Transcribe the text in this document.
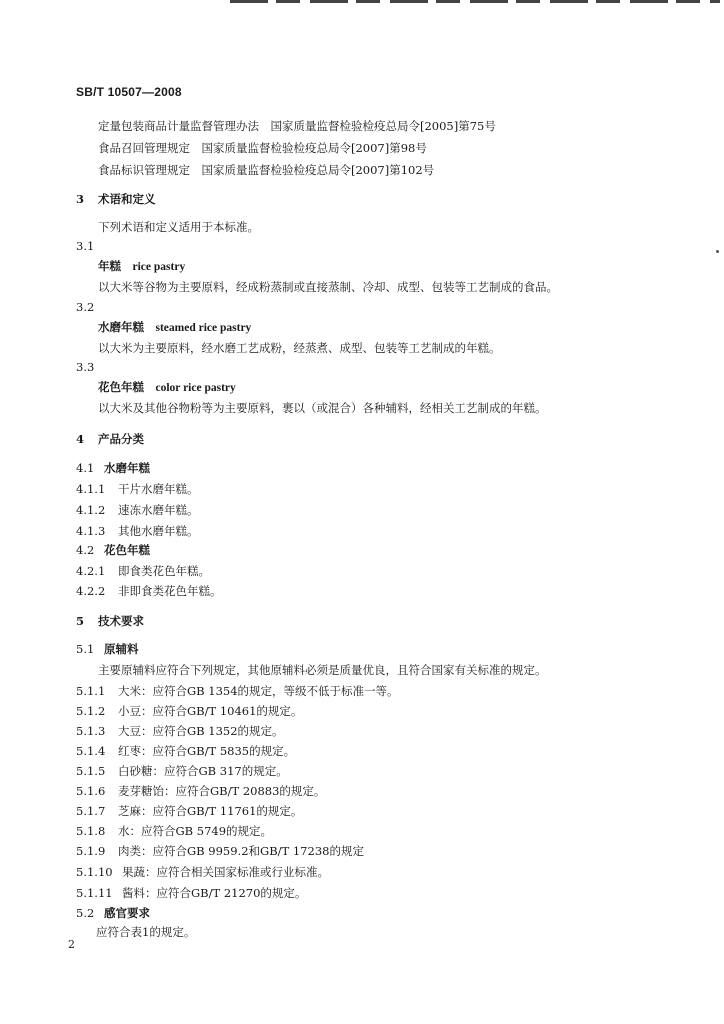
SB/T 10507—2008
定量包装商品计量监督管理办法　国家质量监督检验检疫总局令[2005]第75号
食品召回管理规定　国家质量监督检验检疫总局令[2007]第98号
食品标识管理规定　国家质量监督检验检疫总局令[2007]第102号
3 术语和定义
下列术语和定义适用于本标准。
3.1
年糕　 rice pastry
以大米等谷物为主要原料，经成粉蒸制或直接蒸制、冷却、成型、包装等工艺制成的食品。
3.2
水磨年糕　 steamed rice pastry
以大米为主要原料，经水磨工艺成粉，经蒸煮、成型、包装等工艺制成的年糕。
3.3
花色年糕　 color rice pastry
以大米及其他谷物粉等为主要原料，裹以（或混合）各种辅料，经相关工艺制成的年糕。
4 产品分类
4.1 水磨年糕
4.1.1 干片水磨年糕。
4.1.2 速冻水磨年糕。
4.1.3 其他水磨年糕。
4.2 花色年糕
4.2.1 即食类花色年糕。
4.2.2 非即食类花色年糕。
5 技术要求
5.1 原辅料
主要原辅料应符合下列规定，其他原辅料必须是质量优良，且符合国家有关标准的规定。
5.1.1 大米：应符合GB 1354的规定，等级不低于标准一等。
5.1.2 小豆：应符合GB/T 10461的规定。
5.1.3 大豆：应符合GB 1352的规定。
5.1.4 红枣：应符合GB/T 5835的规定。
5.1.5 白砂糖：应符合GB 317的规定。
5.1.6 麦芽糖饴：应符合GB/T 20883的规定。
5.1.7 芝麻：应符合GB/T 11761的规定。
5.1.8 水：应符合GB 5749的规定。
5.1.9 肉类：应符合GB 9959.2和GB/T 17238的规定
5.1.10 果蔬：应符合相关国家标准或行业标准。
5.1.11 酱料：应符合GB/T 21270的规定。
5.2 感官要求
应符合表1的规定。
2
